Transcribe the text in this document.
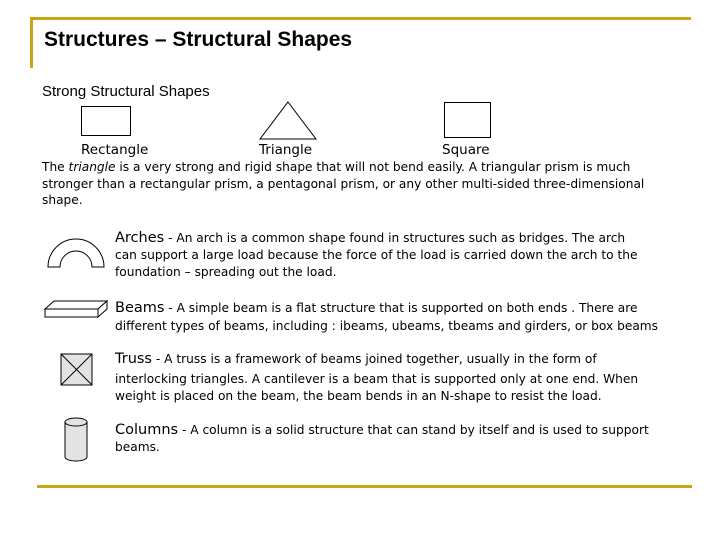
Structures – Structural Shapes
Strong Structural Shapes
Rectangle	Triangle	Square
The triangle is a very strong and rigid shape that will not bend easily. A triangular prism is much stronger than a rectangular prism, a pentagonal prism, or any other multi-sided three-dimensional shape.
Arches - An arch is a common shape found in structures such as bridges. The arch
can support a large load because the force of the load is carried down the arch to the foundation – spreading out the load.
Beams - A simple beam is a flat structure that is supported on both ends . There are
different types of beams, including : ibeams, ubeams, tbeams and girders, or box beams
Truss - A truss is a framework of beams joined together, usually in the form of
interlocking triangles. A cantilever is a beam that is supported only at one end. When weight is placed on the beam, the beam bends in an N-shape to resist the load.
Columns - A column is a solid structure that can stand by itself and is used to support
beams.
